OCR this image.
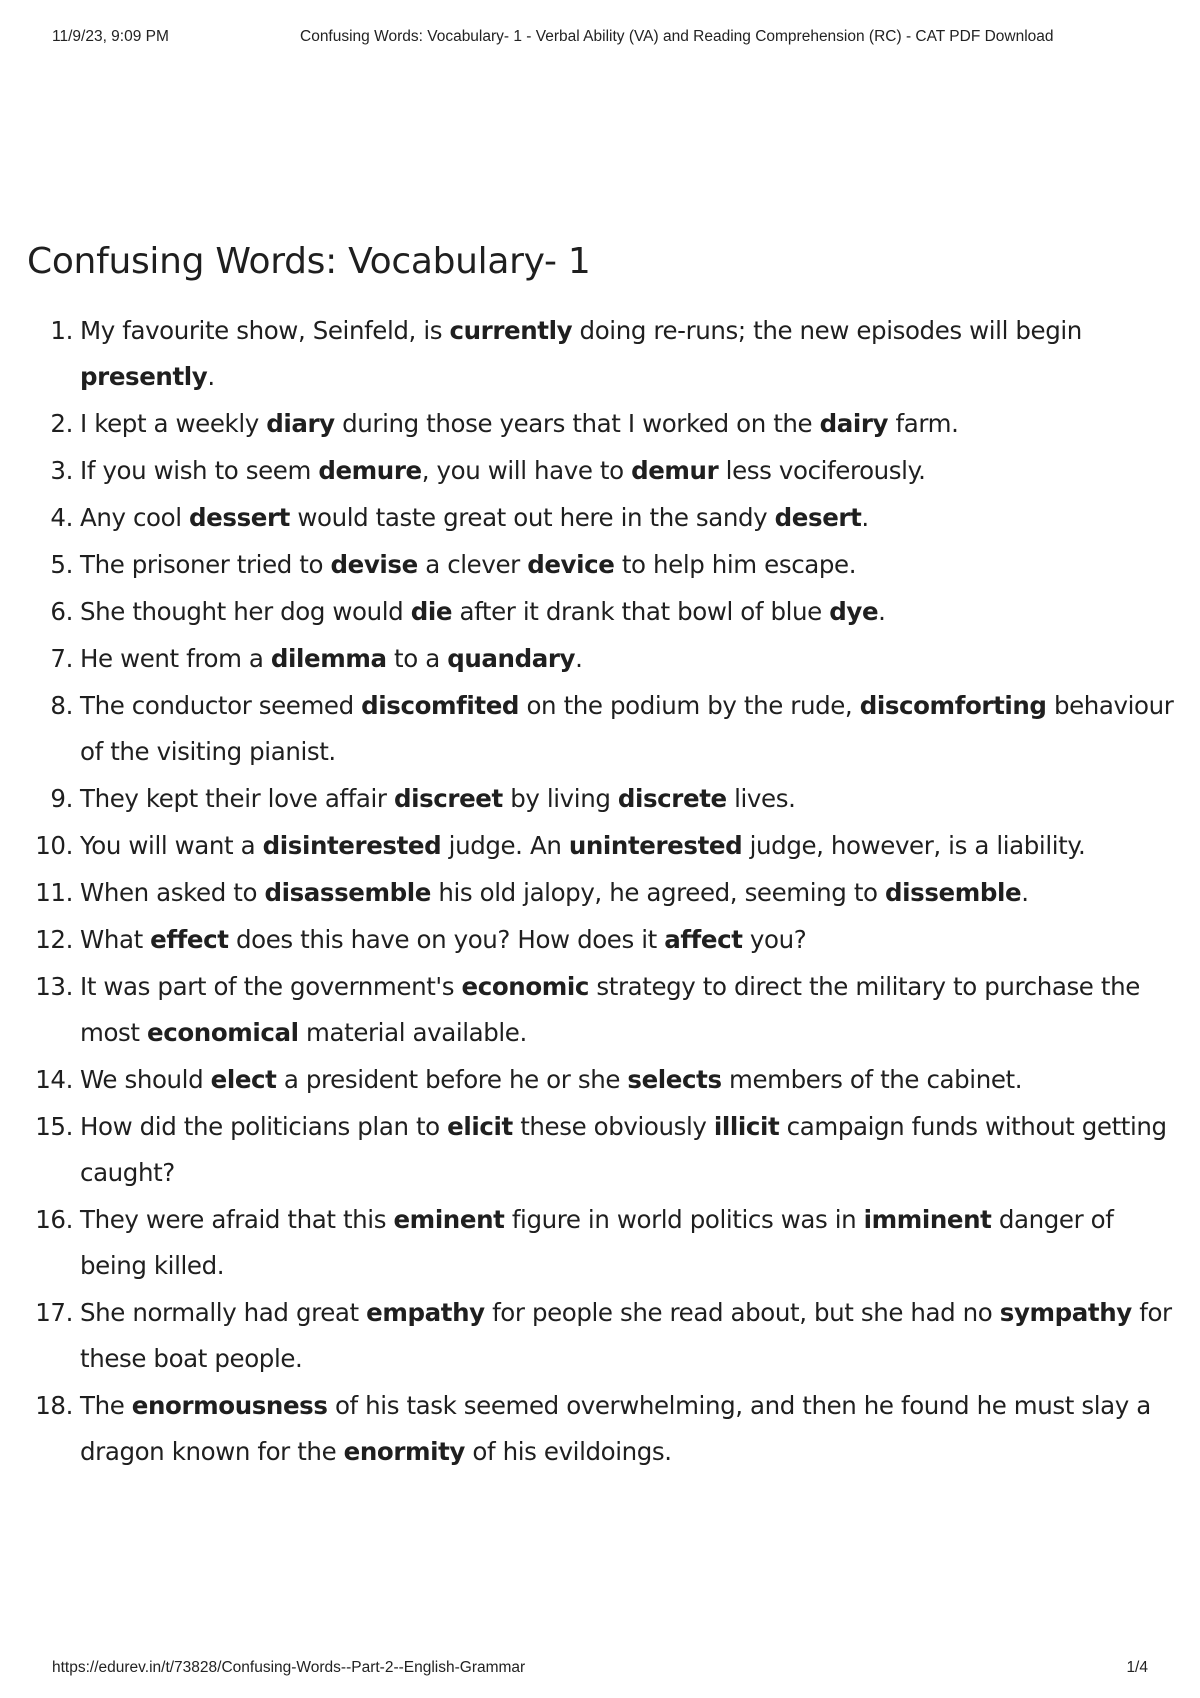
11/9/23, 9:09 PM	Confusing Words: Vocabulary- 1 - Verbal Ability (VA) and Reading Comprehension (RC) - CAT PDF Download
Confusing Words: Vocabulary- 1
1. My favourite show, Seinfeld, is currently doing re-runs; the new episodes will begin presently.
2. I kept a weekly diary during those years that I worked on the dairy farm.
3. If you wish to seem demure, you will have to demur less vociferously.
4. Any cool dessert would taste great out here in the sandy desert.
5. The prisoner tried to devise a clever device to help him escape.
6. She thought her dog would die after it drank that bowl of blue dye.
7. He went from a dilemma to a quandary.
8. The conductor seemed discomfited on the podium by the rude, discomforting behaviour of the visiting pianist.
9. They kept their love affair discreet by living discrete lives.
10. You will want a disinterested judge. An uninterested judge, however, is a liability.
11. When asked to disassemble his old jalopy, he agreed, seeming to dissemble.
12. What effect does this have on you? How does it affect you?
13. It was part of the government's economic strategy to direct the military to purchase the most economical material available.
14. We should elect a president before he or she selects members of the cabinet.
15. How did the politicians plan to elicit these obviously illicit campaign funds without getting caught?
16. They were afraid that this eminent figure in world politics was in imminent danger of being killed.
17. She normally had great empathy for people she read about, but she had no sympathy for these boat people.
18. The enormousness of his task seemed overwhelming, and then he found he must slay a dragon known for the enormity of his evildoings.
https://edurev.in/t/73828/Confusing-Words--Part-2--English-Grammar	1/4
